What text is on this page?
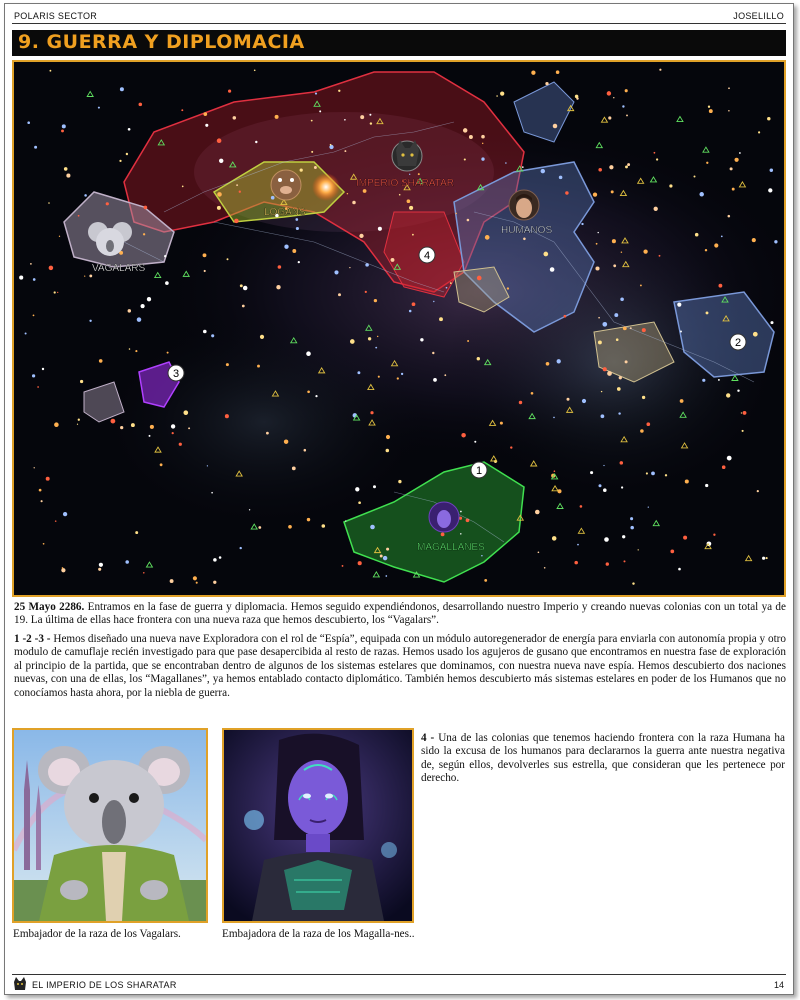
POLARIS SECTOR	JOSELILLO
9. GUERRA Y DIPLOMACIA
IMPERIO SHARATAR
LOGANS
HUMANOS
VAGALARS
MAGALLANES
1
2
3
4

25 Mayo 2286. Entramos en la fase de guerra y diplomacia. Hemos seguido expendiéndonos, desarrollando nuestro Imperio y creando nuevas colonias con un total ya de 19. La última de ellas hace frontera con una nueva raza que hemos descubierto, los “Vagalars”.

1 -2 -3 - Hemos diseñado una nueva nave Exploradora con el rol de “Espía”, equipada con un módulo autoregenerador de energía para enviarla con autonomía propia y otro modulo de camuflaje recién investigado para que pase desapercibida al resto de razas. Hemos usado los agujeros de gusano que encontramos en nuestra fase de exploración al principio de la partida, que se encontraban dentro de algunos de los sistemas estelares que dominamos, con nuestra nueva nave espía. Hemos descubierto dos naciones nuevas, con una de ellas, los “Magallanes”, ya hemos entablado contacto diplomático. También hemos descubierto más sistemas estelares en poder de los Humanos que no conocíamos hasta ahora, por la niebla de guerra.

4 - Una de las colonias que tenemos haciendo frontera con la raza Humana ha sido la excusa de los humanos para declararnos la guerra ante nuestra negativa de, según ellos, devolverles sus estrella, que consideran que les pertenece por derecho.

Embajador de la raza de los Vagalars.	Embajadora de la raza de los Magalla-nes..

EL IMPERIO DE LOS SHARATAR	14
